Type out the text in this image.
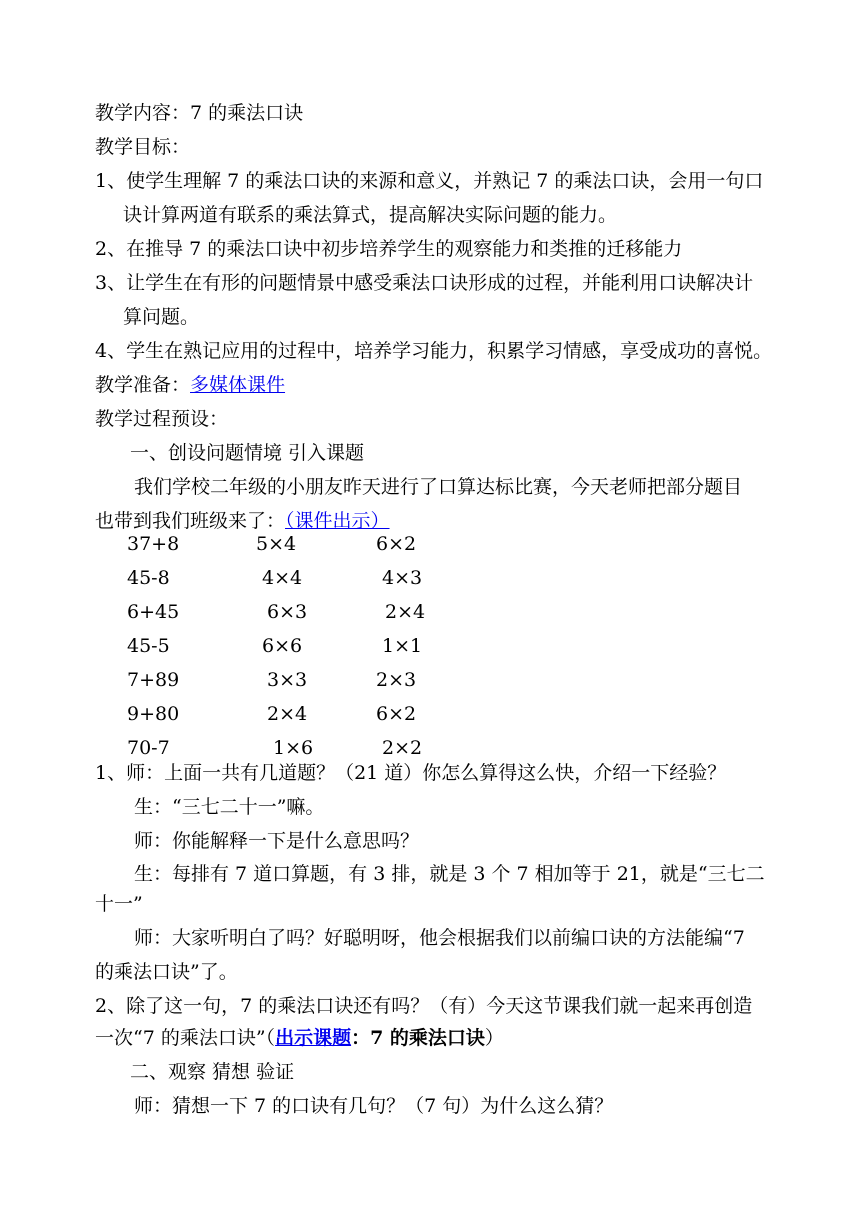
教学内容：7 的乘法口诀
教学目标：
1、使学生理解 7 的乘法口诀的来源和意义，并熟记 7 的乘法口诀，会用一句口
诀计算两道有联系的乘法算式，提高解决实际问题的能力。
2、在推导 7 的乘法口诀中初步培养学生的观察能力和类推的迁移能力
3、让学生在有形的问题情景中感受乘法口诀形成的过程，并能利用口诀解决计
算问题。
4、学生在熟记应用的过程中，培养学习能力，积累学习情感，享受成功的喜悦。
教学准备：多媒体课件
教学过程预设：
一、创设问题情境 引入课题
我们学校二年级的小朋友昨天进行了口算达标比赛，今天老师把部分题目
也带到我们班级来了：（课件出示）
37+8	5×4	6×2
45-8	4×4	4×3
6+45	6×3	2×4
45-5	6×6	1×1
7+89	3×3	2×3
9+80	2×4	6×2
70-7	1×6	2×2
1、师：上面一共有几道题？（21 道）你怎么算得这么快，介绍一下经验？
生：“三七二十一”嘛。
师：你能解释一下是什么意思吗？
生：每排有 7 道口算题，有 3 排，就是 3 个 7 相加等于 21，就是“三七二
十一”
师：大家听明白了吗？好聪明呀，他会根据我们以前编口诀的方法能编“7
的乘法口诀”了。
2、除了这一句，7 的乘法口诀还有吗？（有）今天这节课我们就一起来再创造
一次“7 的乘法口诀”（出示课题：7 的乘法口诀）
二、观察 猜想 验证
师：猜想一下 7 的口诀有几句？（7 句）为什么这么猜？
